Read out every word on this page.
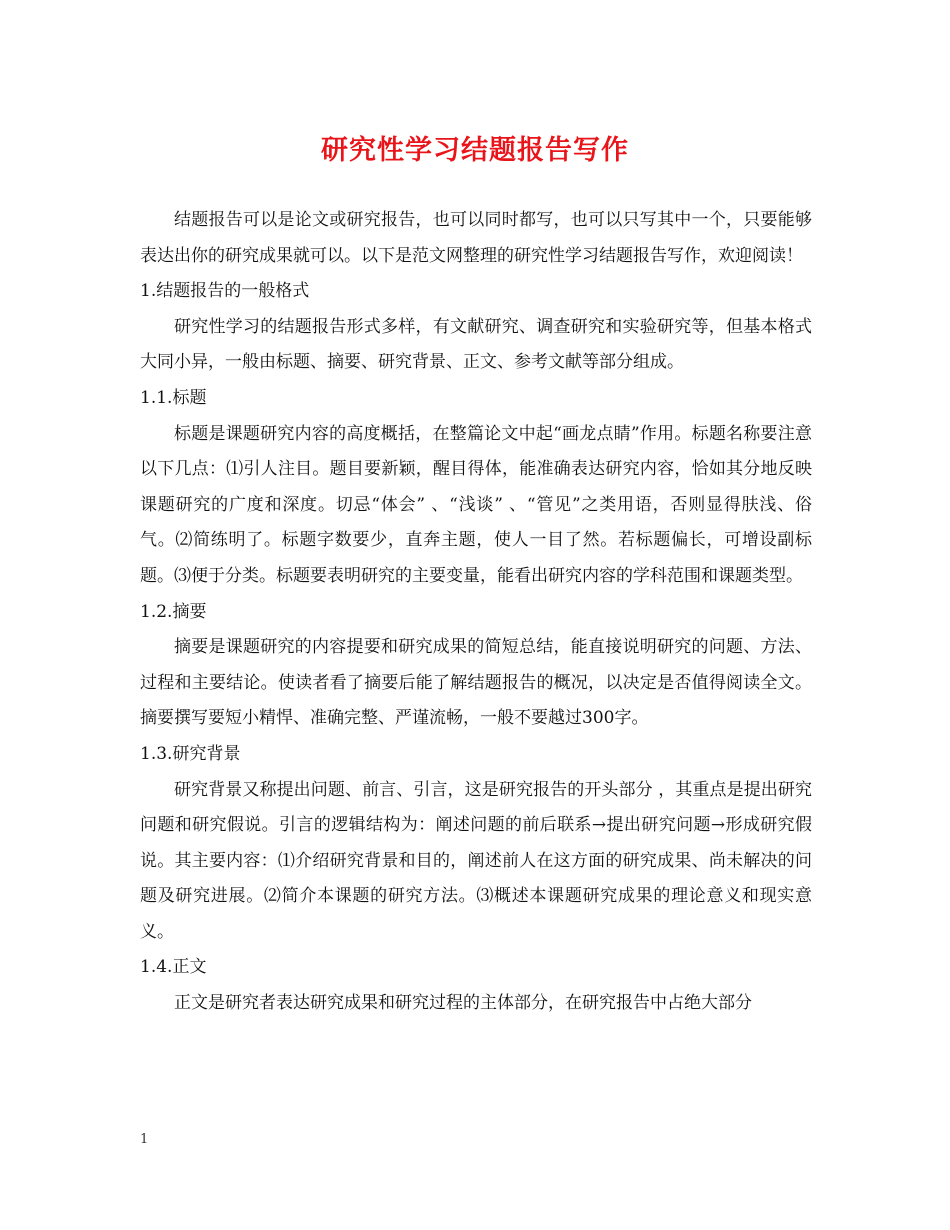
研究性学习结题报告写作

结题报告可以是论文或研究报告，也可以同时都写，也可以只写其中一个，只要能够表达出你的研究成果就可以。以下是范文网整理的研究性学习结题报告写作，欢迎阅读！

1.结题报告的一般格式

研究性学习的结题报告形式多样，有文献研究、调查研究和实验研究等，但基本格式大同小异，一般由标题、摘要、研究背景、正文、参考文献等部分组成。

1.1.标题

标题是课题研究内容的高度概括，在整篇论文中起“画龙点睛”作用。标题名称要注意以下几点：⑴引人注目。题目要新颖，醒目得体，能准确表达研究内容，恰如其分地反映课题研究的广度和深度。切忌“体会” 、“浅谈” 、“管见”之类用语，否则显得肤浅、俗气。⑵简练明了。标题字数要少，直奔主题，使人一目了然。若标题偏长，可增设副标题。⑶便于分类。标题要表明研究的主要变量，能看出研究内容的学科范围和课题类型。

1.2.摘要

摘要是课题研究的内容提要和研究成果的简短总结，能直接说明研究的问题、方法、过程和主要结论。使读者看了摘要后能了解结题报告的概况，以决定是否值得阅读全文。摘要撰写要短小精悍、准确完整、严谨流畅，一般不要越过300字。

1.3.研究背景

研究背景又称提出问题、前言、引言，这是研究报告的开头部分 ，其重点是提出研究问题和研究假说。引言的逻辑结构为：阐述问题的前后联系→提出研究问题→形成研究假说。其主要内容：⑴介绍研究背景和目的，阐述前人在这方面的研究成果、尚未解决的问题及研究进展。⑵简介本课题的研究方法。⑶概述本课题研究成果的理论意义和现实意义。

1.4.正文

正文是研究者表达研究成果和研究过程的主体部分，在研究报告中占绝大部分

1
